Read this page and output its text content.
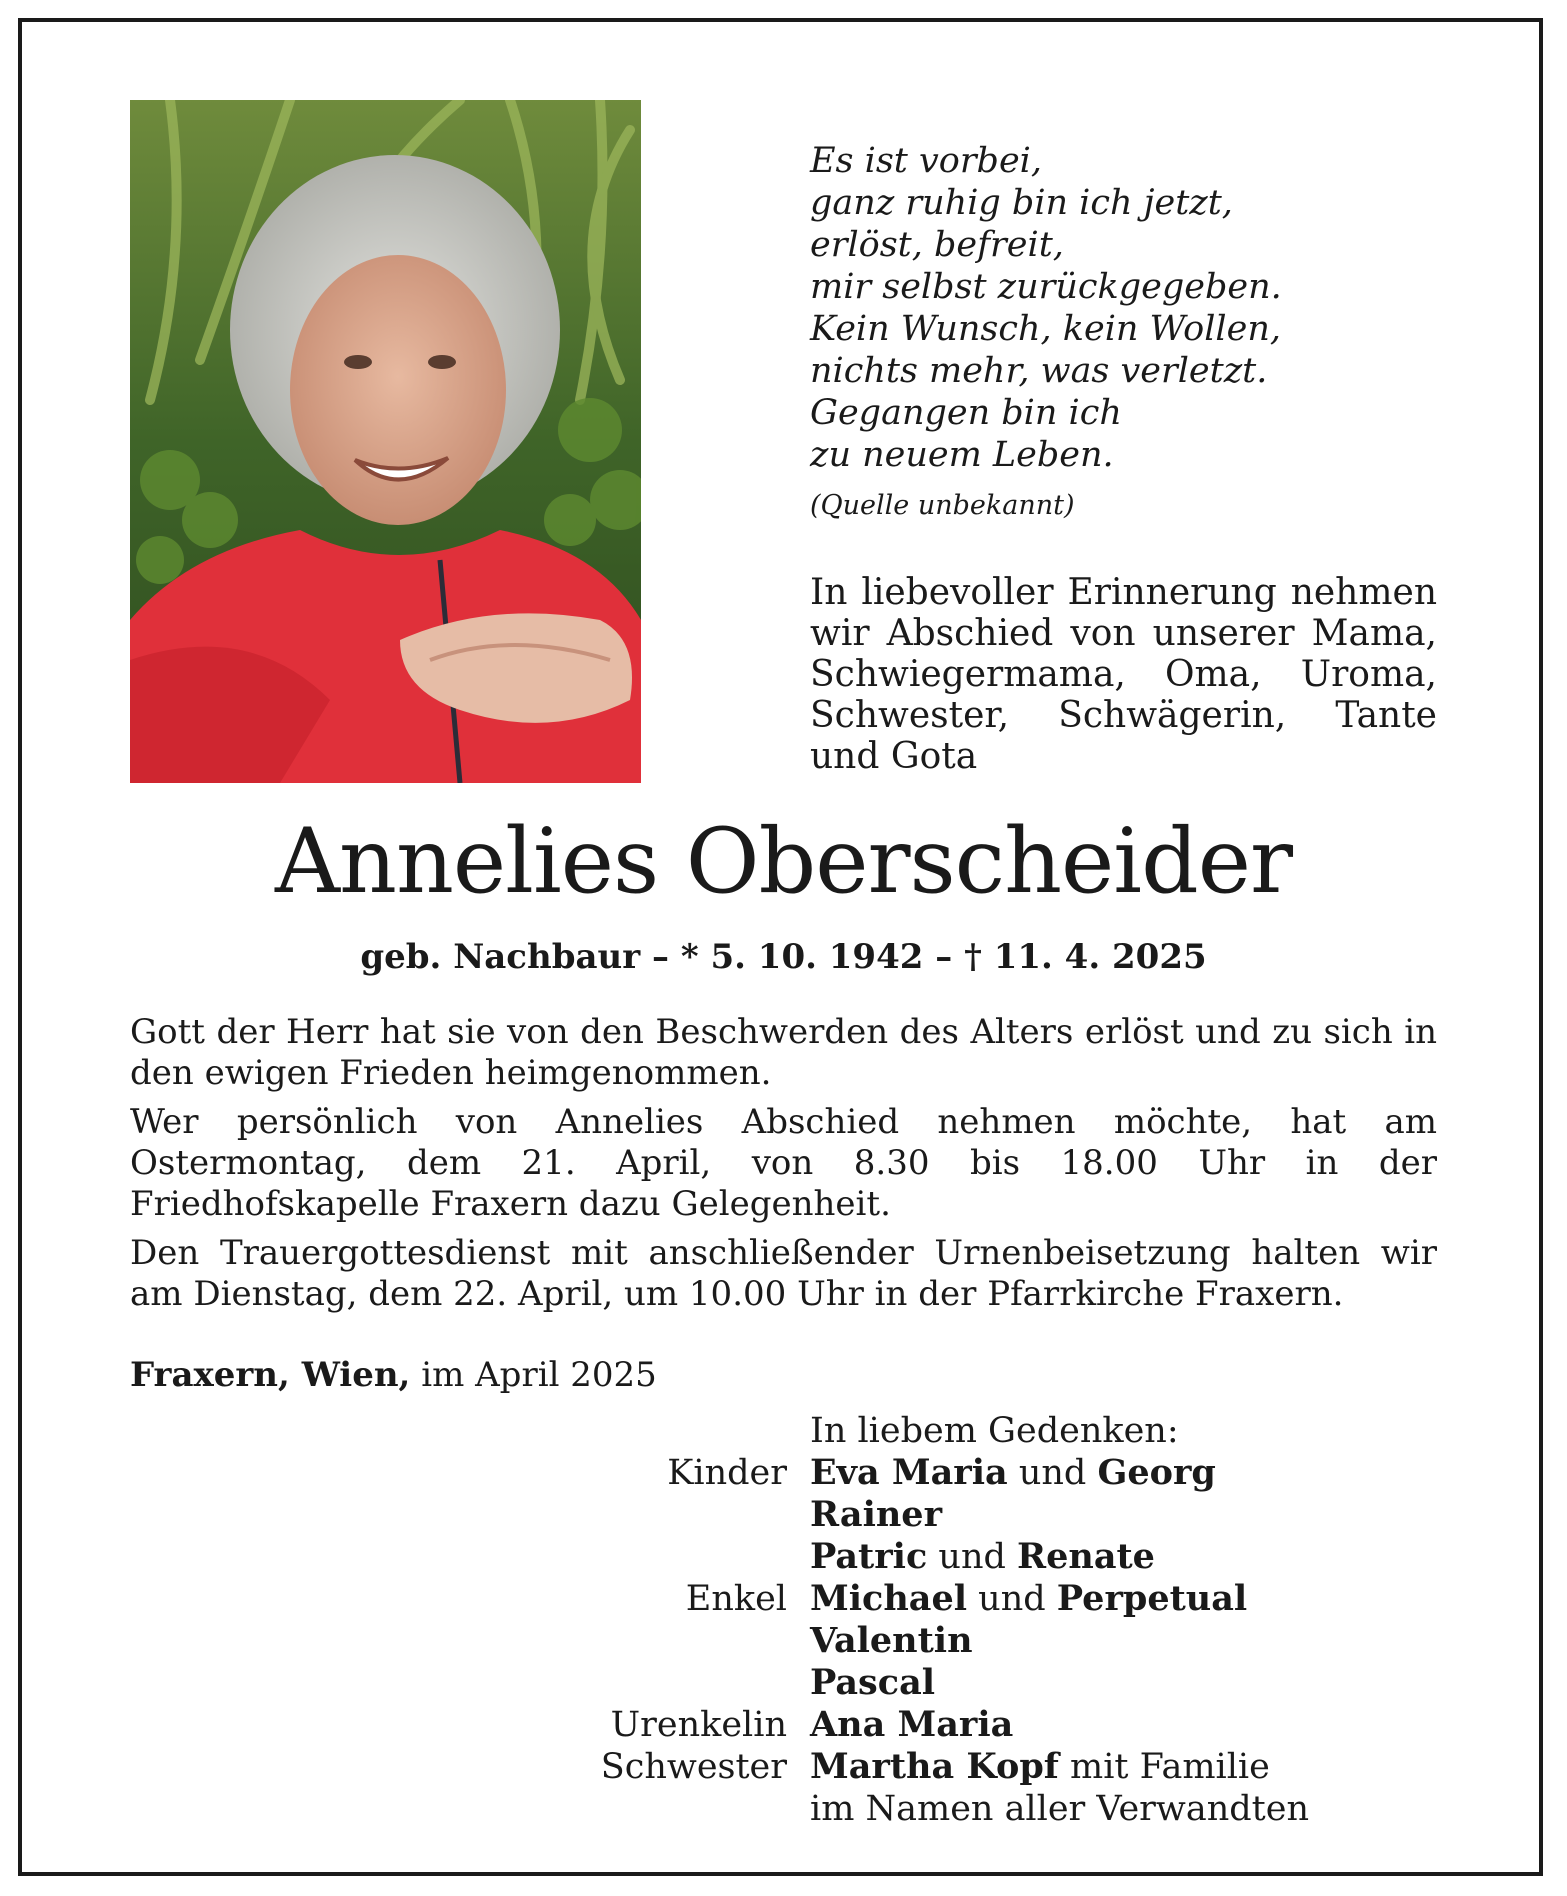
Es ist vorbei,
ganz ruhig bin ich jetzt,
erlöst, befreit,
mir selbst zurückgegeben.
Kein Wunsch, kein Wollen,
nichts mehr, was verletzt.
Gegangen bin ich
zu neuem Leben.
(Quelle unbekannt)
In liebevoller Erinnerung nehmen wir Abschied von unserer Mama, Schwiegermama, Oma, Uroma, Schwester, Schwägerin, Tante und Gota
Annelies Oberscheider
geb. Nachbaur – * 5. 10. 1942 – † 11. 4. 2025

Gott der Herr hat sie von den Beschwerden des Alters erlöst und zu sich in den ewigen Frieden heimgenommen.

Wer persönlich von Annelies Abschied nehmen möchte, hat am Ostermontag, dem 21. April, von 8.30 bis 18.00 Uhr in der Friedhofskapelle Fraxern dazu Gelegenheit.

Den Trauergottesdienst mit anschließender Urnenbeisetzung halten wir am Dienstag, dem 22. April, um 10.00 Uhr in der Pfarrkirche Fraxern.

Fraxern, Wien, im April 2025
In liebem Gedenken:
Kinder Eva Maria und Georg
Rainer
Patric und Renate
Enkel Michael und Perpetual
Valentin
Pascal
Urenkelin Ana Maria
Schwester Martha Kopf mit Familie
im Namen aller Verwandten
